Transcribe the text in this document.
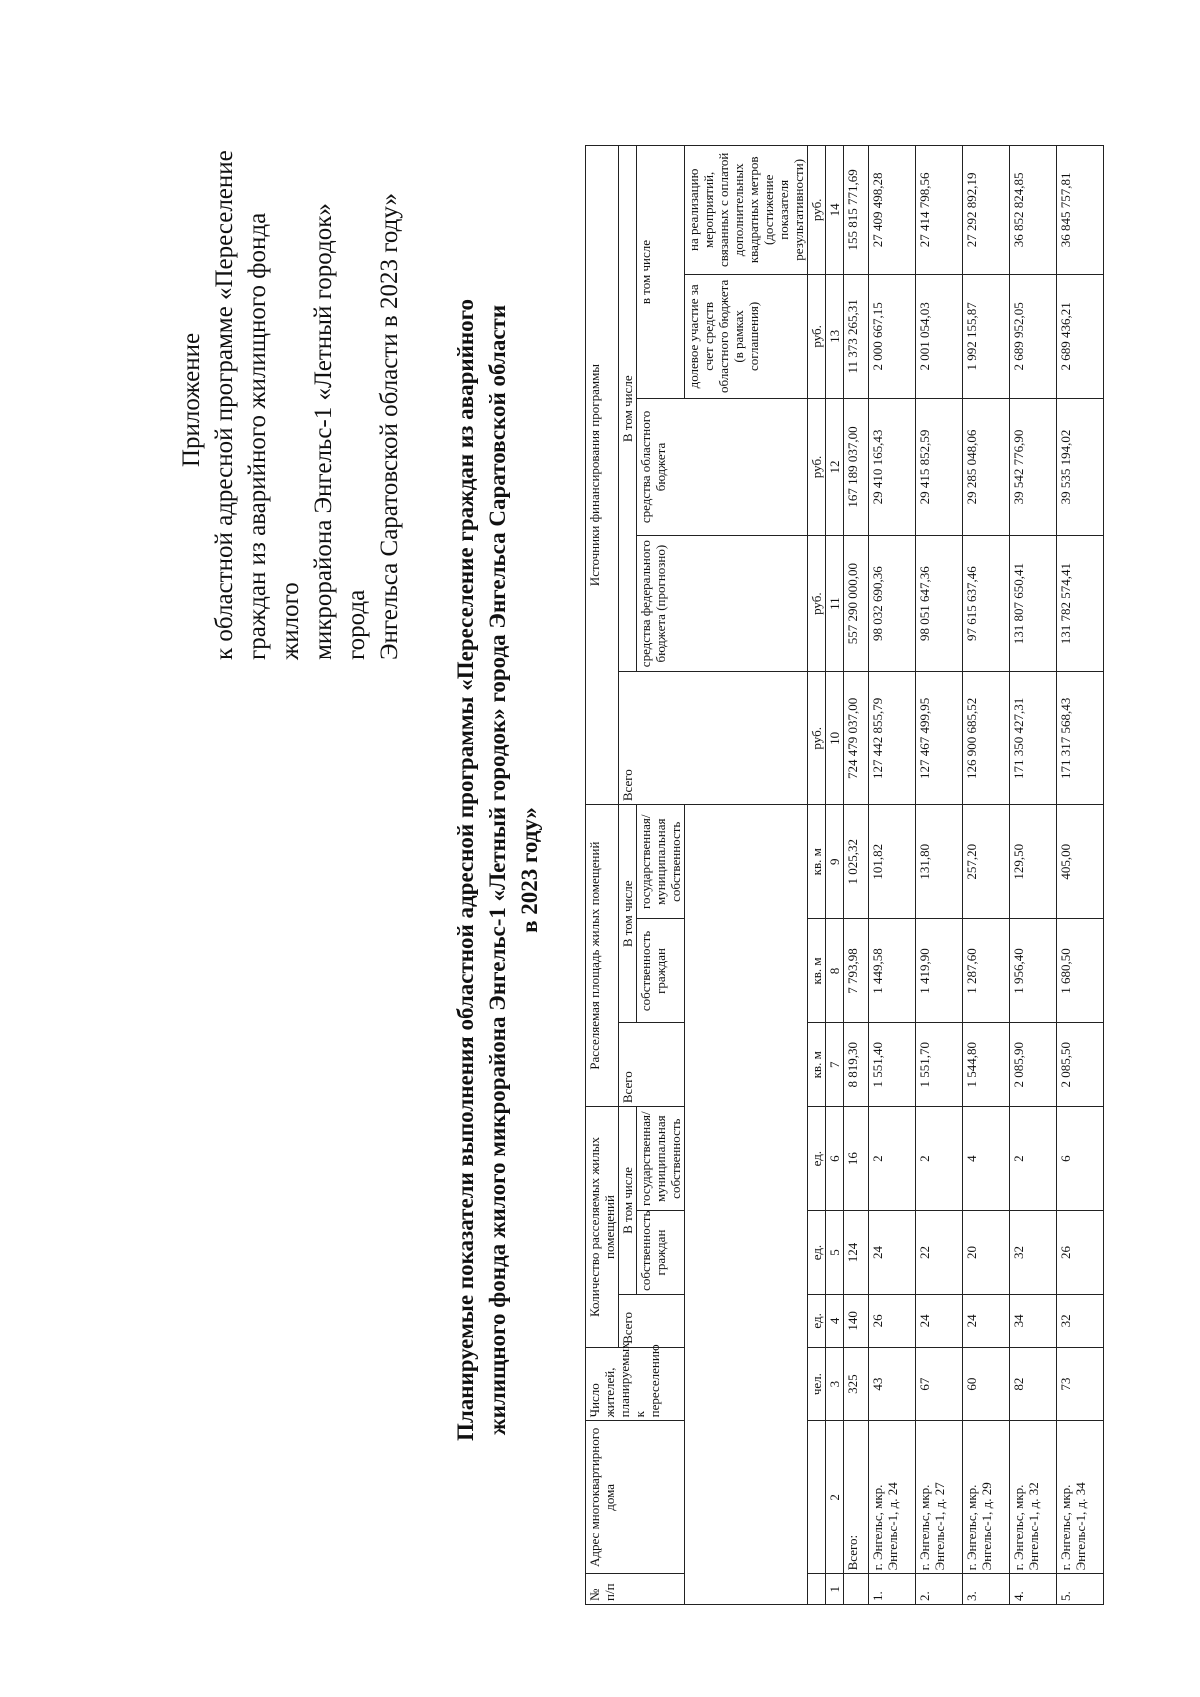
Приложение к областной адресной программе «Переселение граждан из аварийного жилищного фонда жилого микрорайона Энгельс-1 «Летный городок» города Энгельса Саратовской области в 2023 году» Планируемые показатели выполнения областной адресной программы «Переселение граждан из аварийного жилищного фонда жилого микрорайона Энгельс-1 «Летный городок» города Энгельса Саратовской области в 2023 году»
№ п/п	Адрес многоквартирного дома	Число жителей, планируемых к переселению	Количество расселяемых жилых помещений			Расселяемая площадь жилых помещений			Источники финансирования программы				
			Всего	В том числе		Всего	В том числе		Всего	В том числе			
				собственность граждан	государственная/ муниципальная собственность		собственность граждан	государственная/ муниципальная собственность		средства федерального бюджета (прогнозно)	средства областного бюджета	в том числе	
												долевое участие за счет средств областного бюджета (в рамках соглашения)	на реализацию мероприятий, связанных с оплатой дополнительных квадратных метров (достижение показателя результативности)
		чел.	ед.	ед.	ед.	кв. м	кв. м	кв. м	руб.	руб.	руб.	руб.	руб.
1	2	3	4	5	6	7	8	9	10	11	12	13	14
	Всего:	325	140	124	16	8 819,30	7 793,98	1 025,32	724 479 037,00	557 290 000,00	167 189 037,00	11 373 265,31	155 815 771,69
1.	г. Энгельс, мкр. Энгельс-1, д. 24	43	26	24	2	1 551,40	1 449,58	101,82	127 442 855,79	98 032 690,36	29 410 165,43	2 000 667,15	27 409 498,28
2.	г. Энгельс, мкр. Энгельс-1, д. 27	67	24	22	2	1 551,70	1 419,90	131,80	127 467 499,95	98 051 647,36	29 415 852,59	2 001 054,03	27 414 798,56
3.	г. Энгельс, мкр. Энгельс-1, д. 29	60	24	20	4	1 544,80	1 287,60	257,20	126 900 685,52	97 615 637,46	29 285 048,06	1 992 155,87	27 292 892,19
4.	г. Энгельс, мкр. Энгельс-1, д. 32	82	34	32	2	2 085,90	1 956,40	129,50	171 350 427,31	131 807 650,41	39 542 776,90	2 689 952,05	36 852 824,85
5.	г. Энгельс, мкр. Энгельс-1, д. 34	73	32	26	6	2 085,50	1 680,50	405,00	171 317 568,43	131 782 574,41	39 535 194,02	2 689 436,21	36 845 757,81
